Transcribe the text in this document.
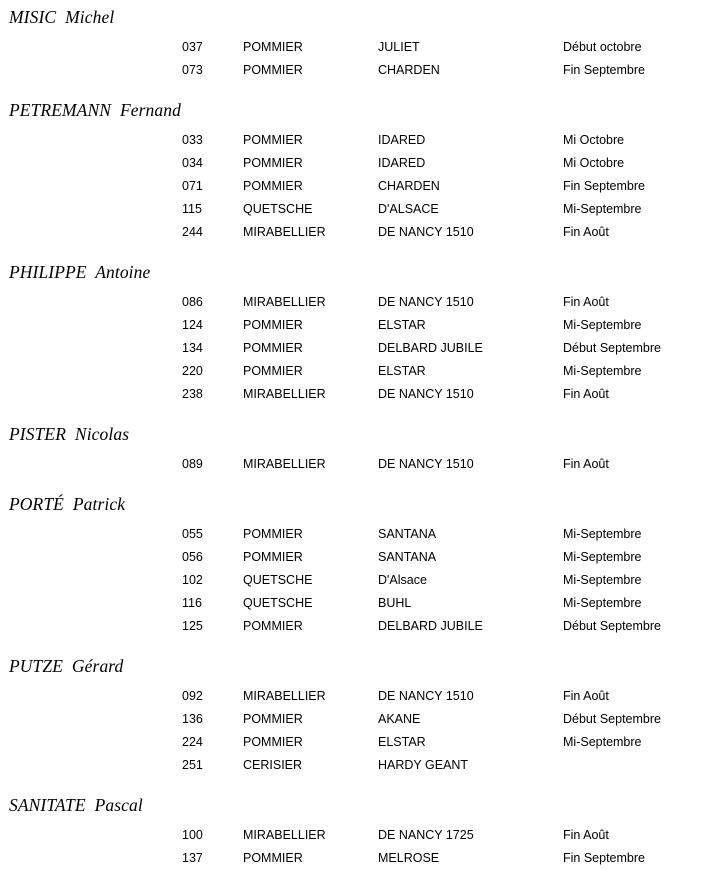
MISIC  Michel
037	POMMIER	JULIET	Début octobre
073	POMMIER	CHARDEN	Fin Septembre
PETREMANN  Fernand
033	POMMIER	IDARED	Mi Octobre
034	POMMIER	IDARED	Mi Octobre
071	POMMIER	CHARDEN	Fin Septembre
115	QUETSCHE	D'ALSACE	Mi-Septembre
244	MIRABELLIER	DE NANCY 1510	Fin Août
PHILIPPE  Antoine
086	MIRABELLIER	DE NANCY 1510	Fin Août
124	POMMIER	ELSTAR	Mi-Septembre
134	POMMIER	DELBARD JUBILE	Début Septembre
220	POMMIER	ELSTAR	Mi-Septembre
238	MIRABELLIER	DE NANCY 1510	Fin Août
PISTER  Nicolas
089	MIRABELLIER	DE NANCY 1510	Fin Août
PORTÉ  Patrick
055	POMMIER	SANTANA	Mi-Septembre
056	POMMIER	SANTANA	Mi-Septembre
102	QUETSCHE	D'Alsace	Mi-Septembre
116	QUETSCHE	BUHL	Mi-Septembre
125	POMMIER	DELBARD JUBILE	Début Septembre
PUTZE  Gérard
092	MIRABELLIER	DE NANCY 1510	Fin Août
136	POMMIER	AKANE	Début Septembre
224	POMMIER	ELSTAR	Mi-Septembre
251	CERISIER	HARDY GEANT
SANITATE  Pascal
100	MIRABELLIER	DE NANCY 1725	Fin Août
137	POMMIER	MELROSE	Fin Septembre
